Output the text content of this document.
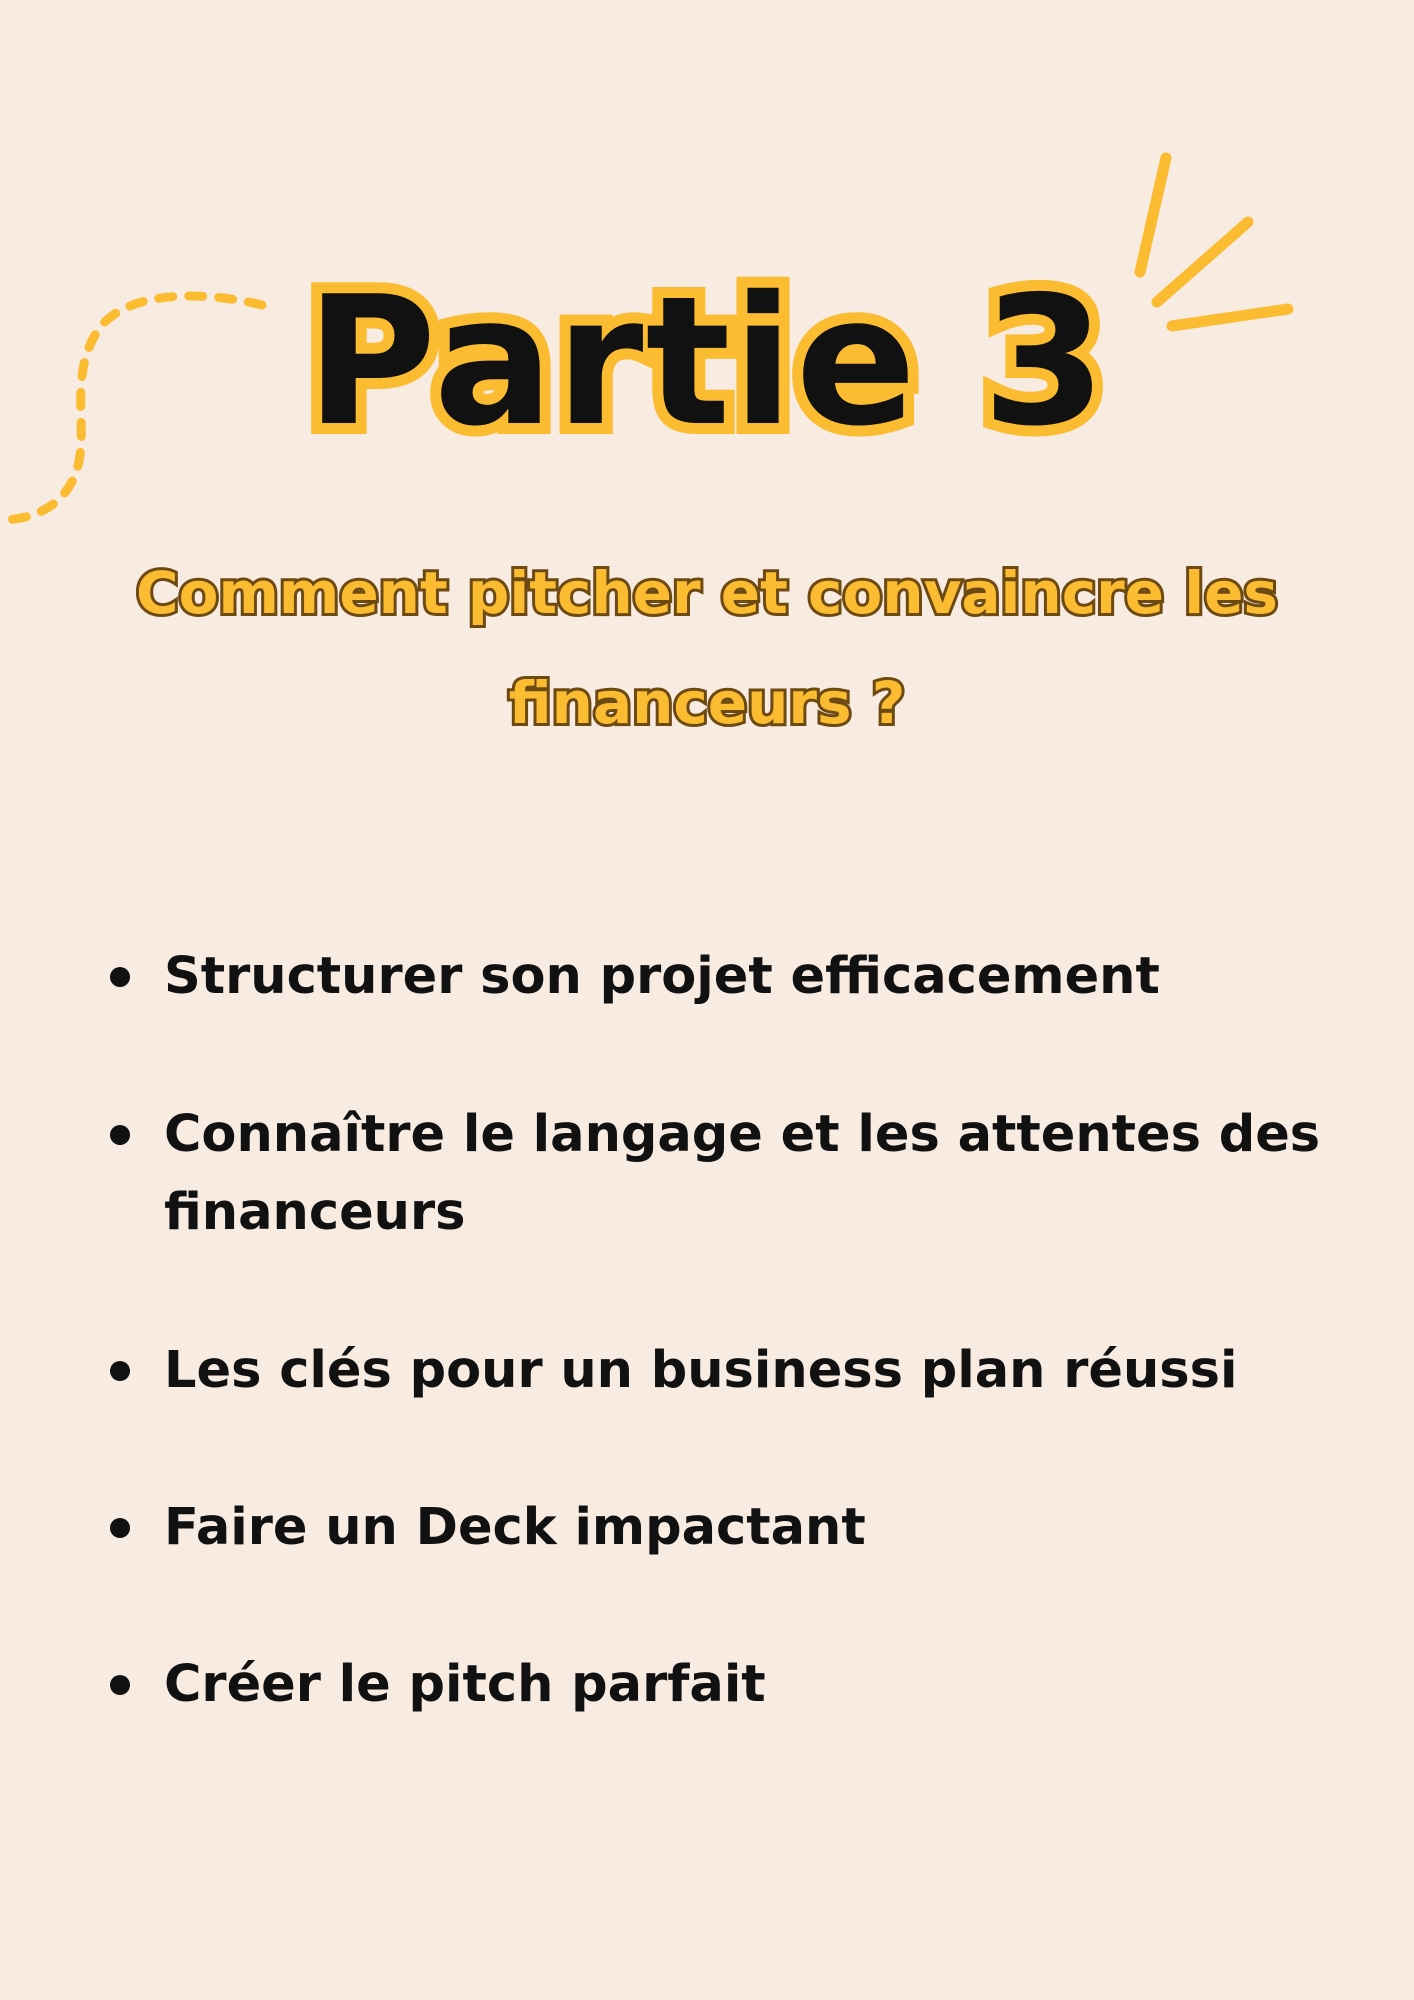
Partie 3
Comment pitcher et convaincre les financeurs ?
Structurer son projet efficacement
Connaître le langage et les attentes des financeurs
Les clés pour un business plan réussi
Faire un Deck impactant
Créer le pitch parfait
